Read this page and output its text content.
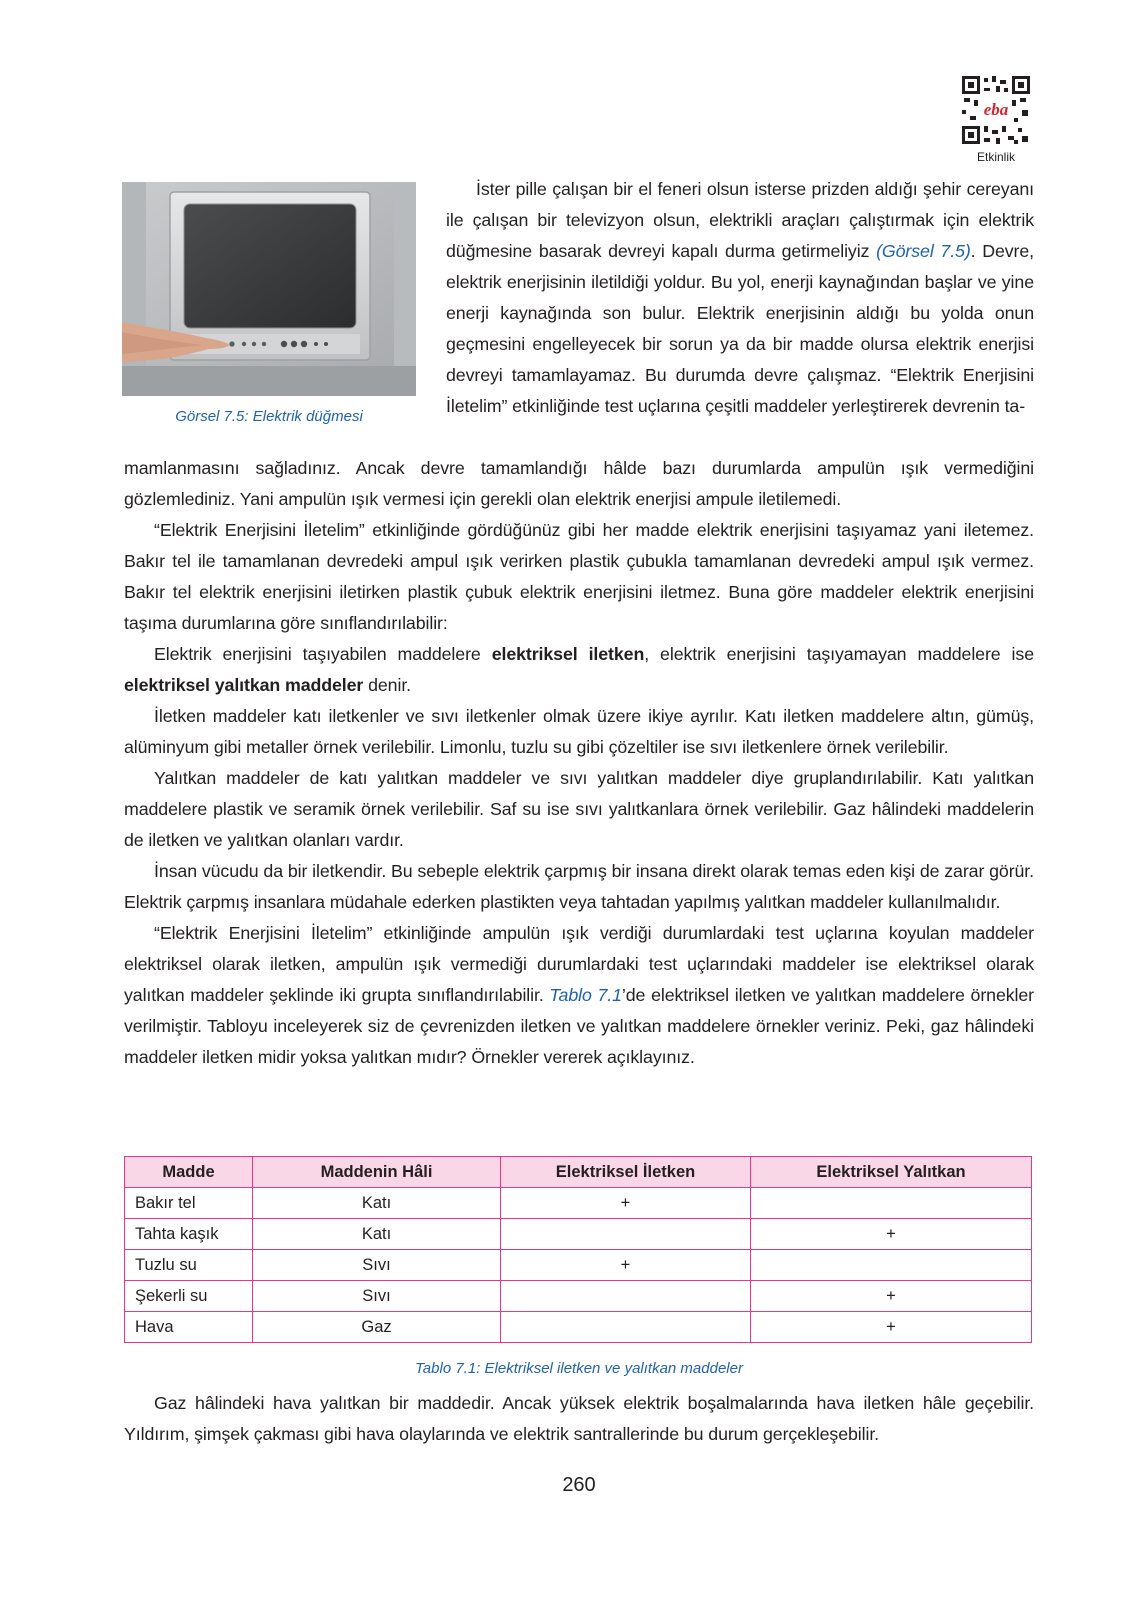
eba
Etkinlik
Görsel 7.5: Elektrik düğmesi

İster pille çalışan bir el feneri olsun isterse prizden aldığı şehir cereyanı ile çalışan bir televizyon olsun, elektrikli araçları çalıştırmak için elektrik düğmesine basarak devreyi kapalı durma getirmeliyiz (Görsel 7.5). Devre, elektrik enerjisinin iletildiği yoldur. Bu yol, enerji kaynağından başlar ve yine enerji kaynağında son bulur. Elektrik enerjisinin aldığı bu yolda onun geçmesini engelleyecek bir sorun ya da bir madde olursa elektrik enerjisi devreyi tamamlayamaz. Bu durumda devre çalışmaz. “Elektrik Enerjisini İletelim” etkinliğinde test uçlarına çeşitli maddeler yerleştirerek devrenin ta-

mamlanmasını sağladınız. Ancak devre tamamlandığı hâlde bazı durumlarda ampulün ışık vermediğini gözlemlediniz. Yani ampulün ışık vermesi için gerekli olan elektrik enerjisi ampule iletilemedi.

“Elektrik Enerjisini İletelim” etkinliğinde gördüğünüz gibi her madde elektrik enerjisini taşıyamaz yani iletemez. Bakır tel ile tamamlanan devredeki ampul ışık verirken plastik çubukla tamamlanan devredeki ampul ışık vermez. Bakır tel elektrik enerjisini iletirken plastik çubuk elektrik enerjisini iletmez. Buna göre maddeler elektrik enerjisini taşıma durumlarına göre sınıflandırılabilir:

Elektrik enerjisini taşıyabilen maddelere elektriksel iletken, elektrik enerjisini taşıyamayan maddelere ise elektriksel yalıtkan maddeler denir.

İletken maddeler katı iletkenler ve sıvı iletkenler olmak üzere ikiye ayrılır. Katı iletken maddelere altın, gümüş, alüminyum gibi metaller örnek verilebilir. Limonlu, tuzlu su gibi çözeltiler ise sıvı iletkenlere örnek verilebilir.

Yalıtkan maddeler de katı yalıtkan maddeler ve sıvı yalıtkan maddeler diye gruplandırılabilir. Katı yalıtkan maddelere plastik ve seramik örnek verilebilir. Saf su ise sıvı yalıtkanlara örnek verilebilir. Gaz hâlindeki maddelerin de iletken ve yalıtkan olanları vardır.

İnsan vücudu da bir iletkendir. Bu sebeple elektrik çarpmış bir insana direkt olarak temas eden kişi de zarar görür. Elektrik çarpmış insanlara müdahale ederken plastikten veya tahtadan yapılmış yalıtkan maddeler kullanılmalıdır.

“Elektrik Enerjisini İletelim” etkinliğinde ampulün ışık verdiği durumlardaki test uçlarına koyulan maddeler elektriksel olarak iletken, ampulün ışık vermediği durumlardaki test uçlarındaki maddeler ise elektriksel olarak yalıtkan maddeler şeklinde iki grupta sınıflandırılabilir. Tablo 7.1’de elektriksel iletken ve yalıtkan maddelere örnekler verilmiştir. Tabloyu inceleyerek siz de çevrenizden iletken ve yalıtkan maddelere örnekler veriniz. Peki, gaz hâlindeki maddeler iletken midir yoksa yalıtkan mıdır? Örnekler vererek açıklayınız.

Madde	Maddenin Hâli	Elektriksel İletken	Elektriksel Yalıtkan
Bakır tel	Katı	+	
Tahta kaşık	Katı		+
Tuzlu su	Sıvı	+	
Şekerli su	Sıvı		+
Hava	Gaz		+
Tablo 7.1: Elektriksel iletken ve yalıtkan maddeler

Gaz hâlindeki hava yalıtkan bir maddedir. Ancak yüksek elektrik boşalmalarında hava iletken hâle geçebilir. Yıldırım, şimşek çakması gibi hava olaylarında ve elektrik santrallerinde bu durum gerçekleşebilir.

260
